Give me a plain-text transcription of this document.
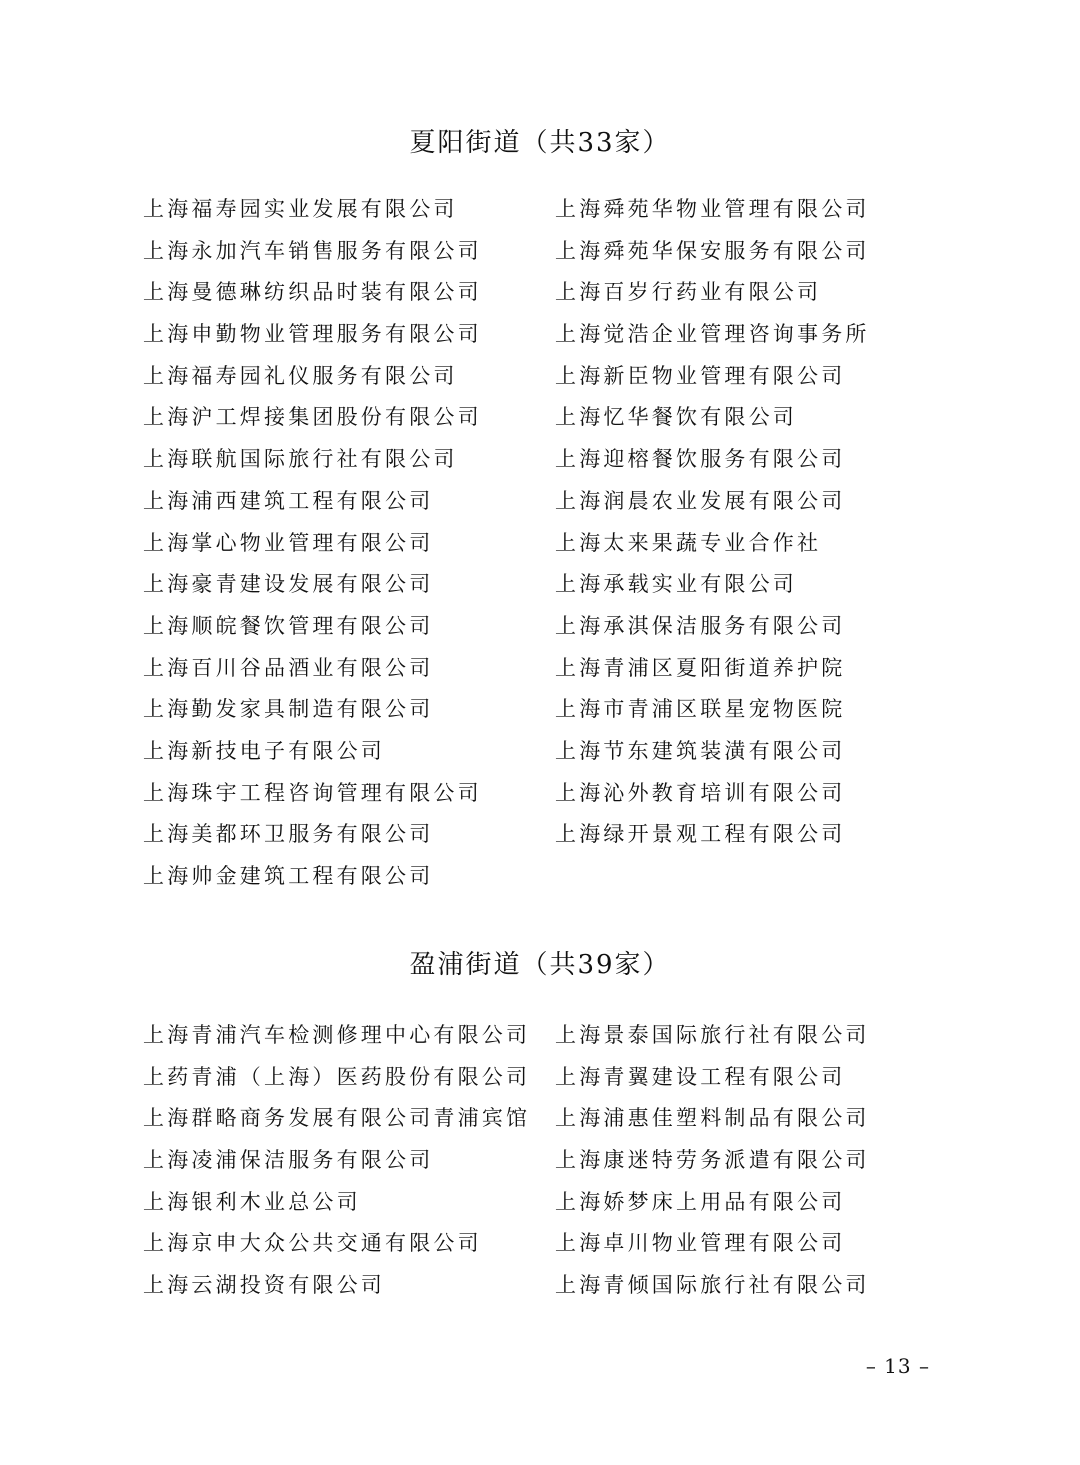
夏阳街道（共33家）
上海福寿园实业发展有限公司
上海永加汽车销售服务有限公司
上海曼德琳纺织品时装有限公司
上海申勤物业管理服务有限公司
上海福寿园礼仪服务有限公司
上海沪工焊接集团股份有限公司
上海联航国际旅行社有限公司
上海浦西建筑工程有限公司
上海掌心物业管理有限公司
上海豪青建设发展有限公司
上海顺皖餐饮管理有限公司
上海百川谷品酒业有限公司
上海勤发家具制造有限公司
上海新技电子有限公司
上海珠宇工程咨询管理有限公司
上海美都环卫服务有限公司
上海帅金建筑工程有限公司
上海舜苑华物业管理有限公司
上海舜苑华保安服务有限公司
上海百岁行药业有限公司
上海觉浩企业管理咨询事务所
上海新臣物业管理有限公司
上海忆华餐饮有限公司
上海迎榕餐饮服务有限公司
上海润晨农业发展有限公司
上海太来果蔬专业合作社
上海承载实业有限公司
上海承淇保洁服务有限公司
上海青浦区夏阳街道养护院
上海市青浦区联星宠物医院
上海节东建筑装潢有限公司
上海沁外教育培训有限公司
上海绿开景观工程有限公司
盈浦街道（共39家）
上海青浦汽车检测修理中心有限公司
上药青浦（上海）医药股份有限公司
上海群略商务发展有限公司青浦宾馆
上海凌浦保洁服务有限公司
上海银利木业总公司
上海京申大众公共交通有限公司
上海云湖投资有限公司
上海景泰国际旅行社有限公司
上海青翼建设工程有限公司
上海浦惠佳塑料制品有限公司
上海康迷特劳务派遣有限公司
上海娇梦床上用品有限公司
上海卓川物业管理有限公司
上海青倾国际旅行社有限公司
– 13 –
